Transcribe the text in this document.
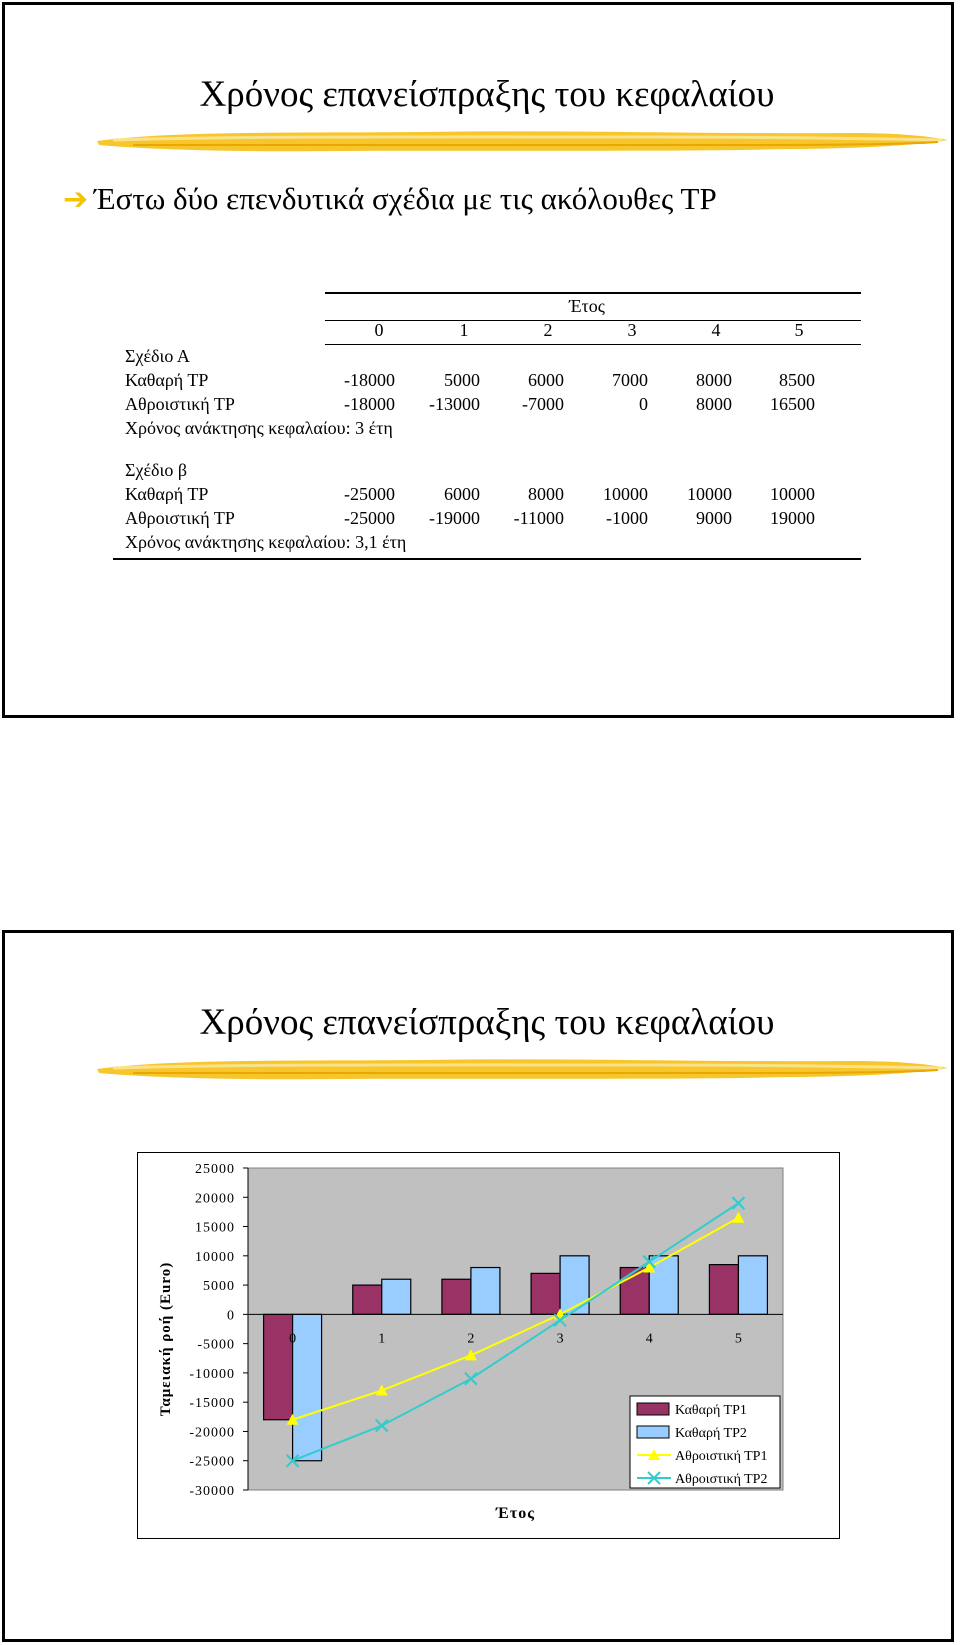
Χρόνος επανείσπραξης του κεφαλαίου
➔ Έστω δύο επενδυτικά σχέδια με τις ακόλουθες ΤΡ
Έτος
0	1	2	3	4	5
Σχέδιο Α
Καθαρή ΤΡ	-18000	5000	6000	7000	8000	8500
Αθροιστική ΤΡ	-18000	-13000	-7000	0	8000	16500
Χρόνος ανάκτησης κεφαλαίου: 3 έτη
Σχέδιο β
Καθαρή ΤΡ	-25000	6000	8000	10000	10000	10000
Αθροιστική ΤΡ	-25000	-19000	-11000	-1000	9000	19000
Χρόνος ανάκτησης κεφαλαίου: 3,1 έτη
Χρόνος επανείσπραξης του κεφαλαίου
25000
20000
15000
10000
5000
0
-5000
-10000
-15000
-20000
-25000
-30000
0	1	2	3	4	5
Ταμειακή ροή (Euro)
Έτος
Καθαρή ΤΡ1
Καθαρή ΤΡ2
Αθροιστική ΤΡ1
Αθροιστική ΤΡ2
